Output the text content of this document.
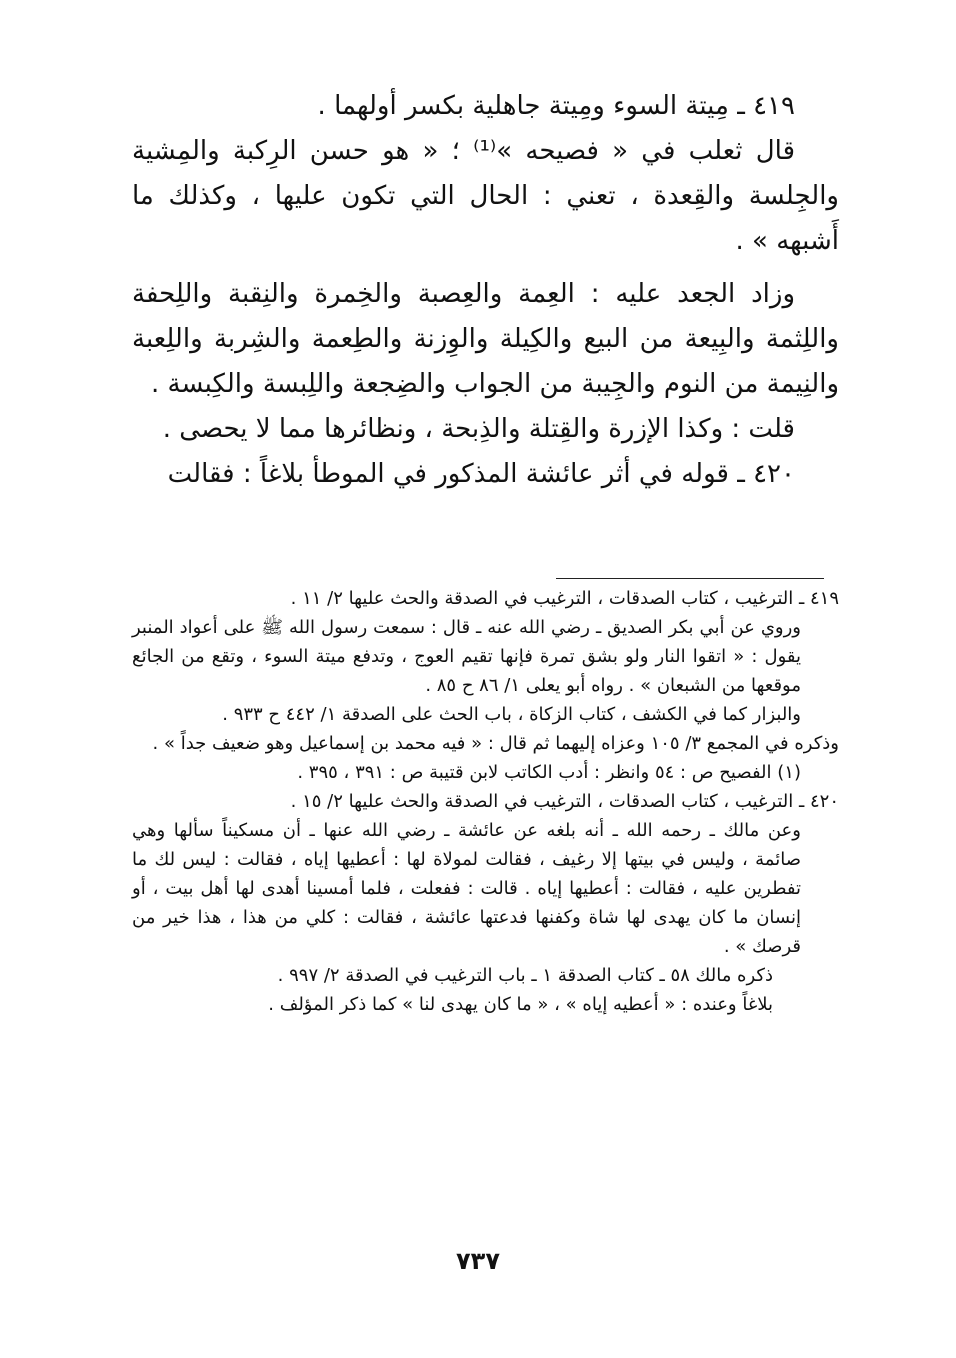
٤١٩ ـ مِيتة السوء ومِيتة جاهلية بكسر أولهما .

قال ثعلب في « فصيحه »⁽¹⁾ ؛ « هو حسن الرِكبة والمِشية والجِلسة والقِعدة ، تعني : الحال التي تكون عليها ، وكذلك ما أَشبهه » .

وزاد الجعد عليه : العِمة والعِصبة والخِمرة والنِقبة واللِحفة واللِثمة والبِيعة من البيع والكِيلة والوِزنة والطِعمة والشِربة واللِعبة والنِيمة من النوم والجِيبة من الجواب والضِجعة واللِبسة والكِبسة .

قلت : وكذا الإزرة والقِتلة والذِبحة ، ونظائرها مما لا يحصى .

٤٢٠ ـ قوله في أثر عائشة المذكور في الموطأ بلاغاً : فقالت

٤١٩ ـ الترغيب ، كتاب الصدقات ، الترغيب في الصدقة والحث عليها ٢/ ١١ .

وروي عن أبي بكر الصديق ـ رضي الله عنه ـ قال : سمعت رسول الله ﷺ على أعواد المنبر يقول : « اتقوا النار ولو بشق تمرة فإنها تقيم العوج ، وتدفع ميتة السوء ، وتقع من الجائع موقعها من الشبعان » . رواه أبو يعلى ١/ ٨٦ ح ٨٥ .

والبزار كما في الكشف ، كتاب الزكاة ، باب الحث على الصدقة ١/ ٤٤٢ ح ٩٣٣ .

وذكره في المجمع ٣/ ١٠٥ وعزاه إليهما ثم قال : « فيه محمد بن إسماعيل وهو ضعيف جداً » .

(١) الفصيح ص : ٥٤ وانظر : أدب الكاتب لابن قتيبة ص : ٣٩١ ، ٣٩٥ .

٤٢٠ ـ الترغيب ، كتاب الصدقات ، الترغيب في الصدقة والحث عليها ٢/ ١٥ .

وعن مالك ـ رحمه الله ـ أنه بلغه عن عائشة ـ رضي الله عنها ـ أن مسكيناً سألها وهي صائمة ، وليس في بيتها إلا رغيف ، فقالت لمولاة لها : أعطيها إياه ، فقالت : ليس لك ما تفطرين عليه ، فقالت : أعطيها إياه . قالت : ففعلت ، فلما أمسينا أهدى لها أهل بيت ، أو إنسان ما كان يهدى لها شاة وكفنها فدعتها عائشة ، فقالت : كلي من هذا ، هذا خير من قرصك » .

ذكره مالك ٥٨ ـ كتاب الصدقة ١ ـ باب الترغيب في الصدقة ٢/ ٩٩٧ .

بلاغاً وعنده : « أعطيه إياه » ، « ما كان يهدى لنا » كما ذكر المؤلف .

٧٣٧
